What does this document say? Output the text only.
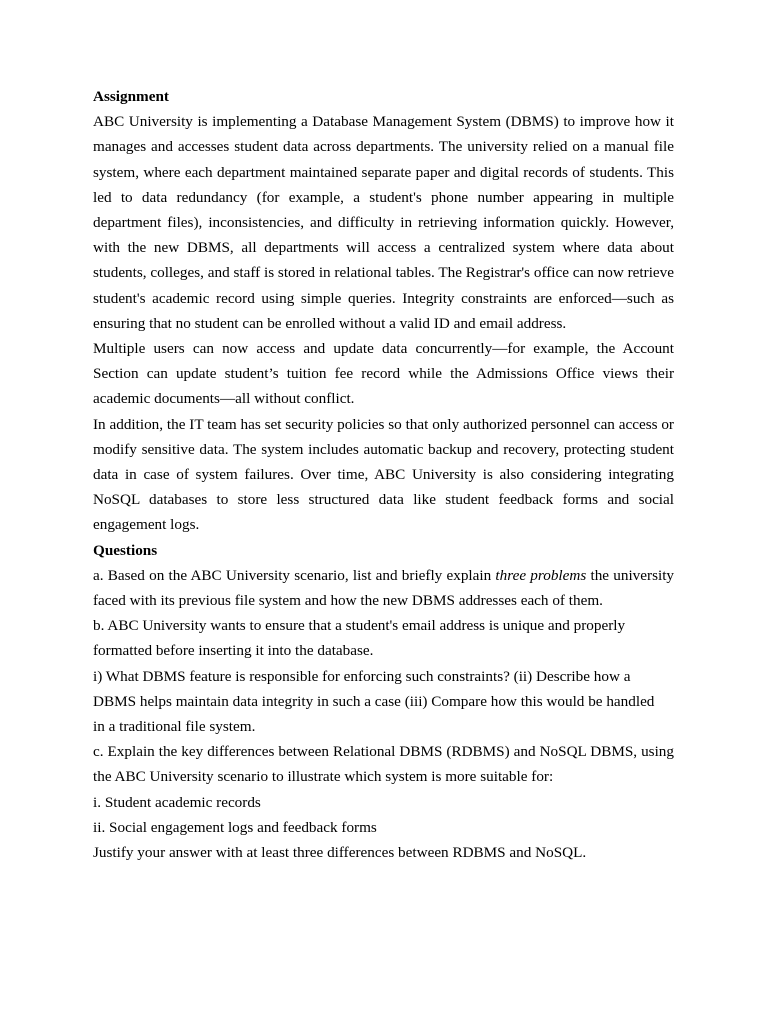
Assignment

ABC University is implementing a Database Management System (DBMS) to improve how it manages and accesses student data across departments. The university relied on a manual file system, where each department maintained separate paper and digital records of students. This led to data redundancy (for example, a student's phone number appearing in multiple department files), inconsistencies, and difficulty in retrieving information quickly. However, with the new DBMS, all departments will access a centralized system where data about students, colleges, and staff is stored in relational tables. The Registrar's office can now retrieve student's academic record using simple queries. Integrity constraints are enforced—such as ensuring that no student can be enrolled without a valid ID and email address.

Multiple users can now access and update data concurrently—for example, the Account Section can update student’s tuition fee record while the Admissions Office views their academic documents—all without conflict.

In addition, the IT team has set security policies so that only authorized personnel can access or modify sensitive data. The system includes automatic backup and recovery, protecting student data in case of system failures. Over time, ABC University is also considering integrating NoSQL databases to store less structured data like student feedback forms and social engagement logs.

Questions

a. Based on the ABC University scenario, list and briefly explain three problems the university faced with its previous file system and how the new DBMS addresses each of them.

b. ABC University wants to ensure that a student's email address is unique and properly

formatted before inserting it into the database.

i) What DBMS feature is responsible for enforcing such constraints? (ii) Describe how a

DBMS helps maintain data integrity in such a case (iii) Compare how this would be handled

in a traditional file system.

c. Explain the key differences between Relational DBMS (RDBMS) and NoSQL DBMS, using the ABC University scenario to illustrate which system is more suitable for:

i. Student academic records

ii. Social engagement logs and feedback forms

Justify your answer with at least three differences between RDBMS and NoSQL.
